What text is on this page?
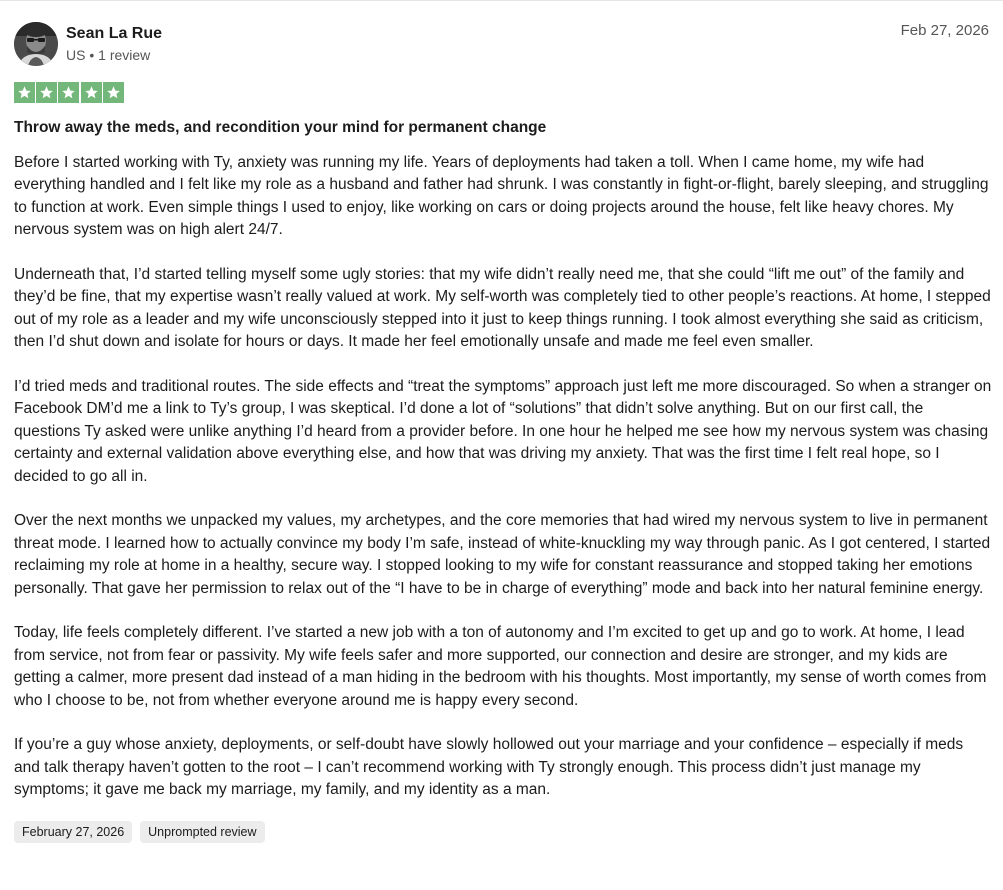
Sean La Rue
US • 1 review
Feb 27, 2026
Throw away the meds, and recondition your mind for permanent change

Before I started working with Ty, anxiety was running my life. Years of deployments had taken a toll. When I came home, my wife had everything handled and I felt like my role as a husband and father had shrunk. I was constantly in fight-or-flight, barely sleeping, and struggling to function at work. Even simple things I used to enjoy, like working on cars or doing projects around the house, felt like heavy chores. My nervous system was on high alert 24/7.

Underneath that, I’d started telling myself some ugly stories: that my wife didn’t really need me, that she could “lift me out” of the family and they’d be fine, that my expertise wasn’t really valued at work. My self-worth was completely tied to other people’s reactions. At home, I stepped out of my role as a leader and my wife unconsciously stepped into it just to keep things running. I took almost everything she said as criticism, then I’d shut down and isolate for hours or days. It made her feel emotionally unsafe and made me feel even smaller.

I’d tried meds and traditional routes. The side effects and “treat the symptoms” approach just left me more discouraged. So when a stranger on Facebook DM’d me a link to Ty’s group, I was skeptical. I’d done a lot of “solutions” that didn’t solve anything. But on our first call, the questions Ty asked were unlike anything I’d heard from a provider before. In one hour he helped me see how my nervous system was chasing certainty and external validation above everything else, and how that was driving my anxiety. That was the first time I felt real hope, so I decided to go all in.

Over the next months we unpacked my values, my archetypes, and the core memories that had wired my nervous system to live in permanent threat mode. I learned how to actually convince my body I’m safe, instead of white-knuckling my way through panic. As I got centered, I started reclaiming my role at home in a healthy, secure way. I stopped looking to my wife for constant reassurance and stopped taking her emotions personally. That gave her permission to relax out of the “I have to be in charge of everything” mode and back into her natural feminine energy.

Today, life feels completely different. I’ve started a new job with a ton of autonomy and I’m excited to get up and go to work. At home, I lead from service, not from fear or passivity. My wife feels safer and more supported, our connection and desire are stronger, and my kids are getting a calmer, more present dad instead of a man hiding in the bedroom with his thoughts. Most importantly, my sense of worth comes from who I choose to be, not from whether everyone around me is happy every second.

If you’re a guy whose anxiety, deployments, or self-doubt have slowly hollowed out your marriage and your confidence – especially if meds and talk therapy haven’t gotten to the root – I can’t recommend working with Ty strongly enough. This process didn’t just manage my symptoms; it gave me back my marriage, my family, and my identity as a man.

February 27, 2026	Unprompted review
